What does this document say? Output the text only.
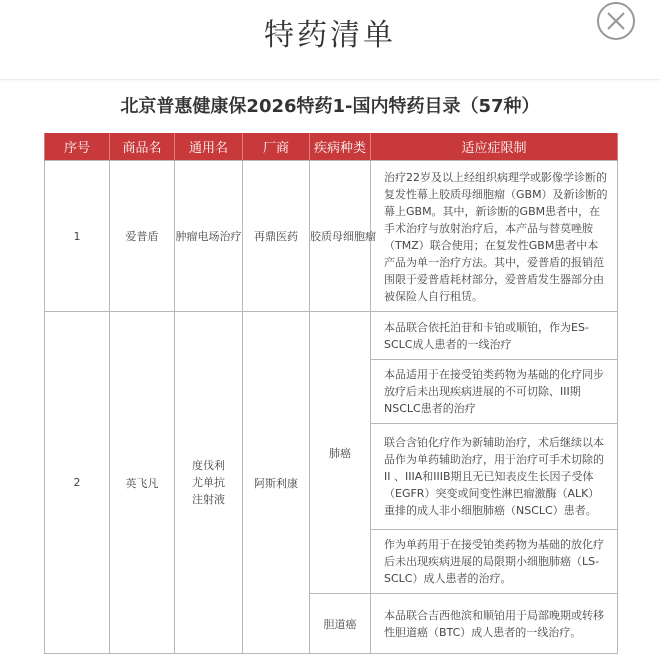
特药清单
北京普惠健康保2026特药1-国内特药目录（57种）
序号	商品名	通用名	厂商	疾病种类	适应症限制
1	爱普盾	肿瘤电场治疗	再鼎医药	胶质母细胞瘤	治疗22岁及以上经组织病理学或影像学诊断的复发性幕上胶质母细胞瘤（GBM）及新诊断的幕上GBM。其中，新诊断的GBM患者中，在手术治疗与放射治疗后，本产品与替莫唑胺（TMZ）联合使用；在复发性GBM患者中本产品为单一治疗方法。其中，爱普盾的报销范围限于爱普盾耗材部分，爱普盾发生器部分由被保险人自行租赁。
2	英飞凡	度伐利尤单抗注射液	阿斯利康	肺癌	本品联合依托泊苷和卡铂或顺铂，作为ES-SCLC成人患者的一线治疗
					本品适用于在接受铂类药物为基础的化疗同步放疗后未出现疾病进展的不可切除、III期NSCLC患者的治疗
					联合含铂化疗作为新辅助治疗，术后继续以本品作为单药辅助治疗，用于治疗可手术切除的 II 、IIIA和IIIB期且无已知表皮生长因子受体（EGFR）突变或间变性淋巴瘤激酶（ALK）重排的成人非小细胞肺癌（NSCLC）患者。
					作为单药用于在接受铂类药物为基础的放化疗后未出现疾病进展的局限期小细胞肺癌（LS-SCLC）成人患者的治疗。
				胆道癌	本品联合吉西他滨和顺铂用于局部晚期或转移性胆道癌（BTC）成人患者的一线治疗。
